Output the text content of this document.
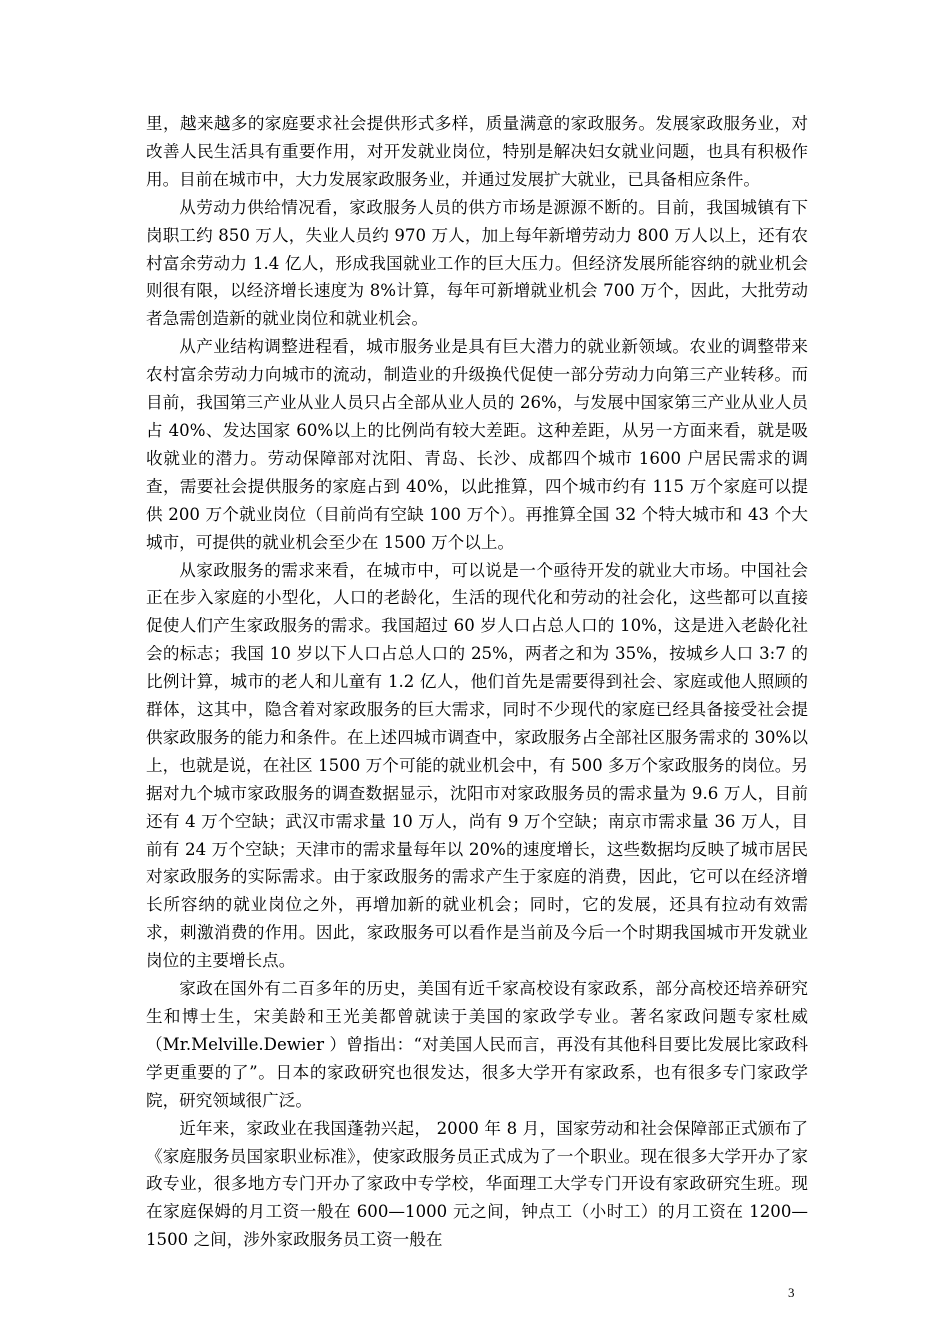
里，越来越多的家庭要求社会提供形式多样，质量满意的家政服务。发展家政服务业，对改善人民生活具有重要作用，对开发就业岗位，特别是解决妇女就业问题，也具有积极作用。目前在城市中，大力发展家政服务业，并通过发展扩大就业，已具备相应条件。

从劳动力供给情况看，家政服务人员的供方市场是源源不断的。目前，我国城镇有下岗职工约 850 万人，失业人员约 970 万人，加上每年新增劳动力 800 万人以上，还有农村富余劳动力 1.4 亿人，形成我国就业工作的巨大压力。但经济发展所能容纳的就业机会则很有限，以经济增长速度为 8%计算，每年可新增就业机会 700 万个，因此，大批劳动者急需创造新的就业岗位和就业机会。

从产业结构调整进程看，城市服务业是具有巨大潜力的就业新领域。农业的调整带来农村富余劳动力向城市的流动，制造业的升级换代促使一部分劳动力向第三产业转移。而目前，我国第三产业从业人员只占全部从业人员的 26%，与发展中国家第三产业从业人员占 40%、发达国家 60%以上的比例尚有较大差距。这种差距，从另一方面来看，就是吸收就业的潜力。劳动保障部对沈阳、青岛、长沙、成都四个城市 1600 户居民需求的调查，需要社会提供服务的家庭占到 40%，以此推算，四个城市约有 115 万个家庭可以提供 200 万个就业岗位（目前尚有空缺 100 万个）。再推算全国 32 个特大城市和 43 个大城市，可提供的就业机会至少在 1500 万个以上。

从家政服务的需求来看，在城市中，可以说是一个亟待开发的就业大市场。中国社会正在步入家庭的小型化，人口的老龄化，生活的现代化和劳动的社会化，这些都可以直接促使人们产生家政服务的需求。我国超过 60 岁人口占总人口的 10%，这是进入老龄化社会的标志；我国 10 岁以下人口占总人口的 25%，两者之和为 35%，按城乡人口 3:7 的比例计算，城市的老人和儿童有 1.2 亿人，他们首先是需要得到社会、家庭或他人照顾的群体，这其中，隐含着对家政服务的巨大需求，同时不少现代的家庭已经具备接受社会提供家政服务的能力和条件。在上述四城市调查中，家政服务占全部社区服务需求的 30%以上，也就是说，在社区 1500 万个可能的就业机会中，有 500 多万个家政服务的岗位。另据对九个城市家政服务的调查数据显示，沈阳市对家政服务员的需求量为 9.6 万人，目前还有 4 万个空缺；武汉市需求量 10 万人，尚有 9 万个空缺；南京市需求量 36 万人，目前有 24 万个空缺；天津市的需求量每年以 20%的速度增长，这些数据均反映了城市居民对家政服务的实际需求。由于家政服务的需求产生于家庭的消费，因此，它可以在经济增长所容纳的就业岗位之外，再增加新的就业机会；同时，它的发展，还具有拉动有效需求，刺激消费的作用。因此，家政服务可以看作是当前及今后一个时期我国城市开发就业岗位的主要增长点。

家政在国外有二百多年的历史，美国有近千家高校设有家政系，部分高校还培养研究生和博士生，宋美龄和王光美都曾就读于美国的家政学专业。著名家政问题专家杜威（Mr.Melville.Dewier ）曾指出：“对美国人民而言，再没有其他科目要比发展比家政科学更重要的了”。日本的家政研究也很发达，很多大学开有家政系，也有很多专门家政学院，研究领域很广泛。

近年来，家政业在我国蓬勃兴起， 2000 年 8 月，国家劳动和社会保障部正式颁布了《家庭服务员国家职业标准》，使家政服务员正式成为了一个职业。现在很多大学开办了家政专业，很多地方专门开办了家政中专学校，华面理工大学专门开设有家政研究生班。现在家庭保姆的月工资一般在 600—1000 元之间，钟点工（小时工）的月工资在 1200—1500 之间，涉外家政服务员工资一般在

3
